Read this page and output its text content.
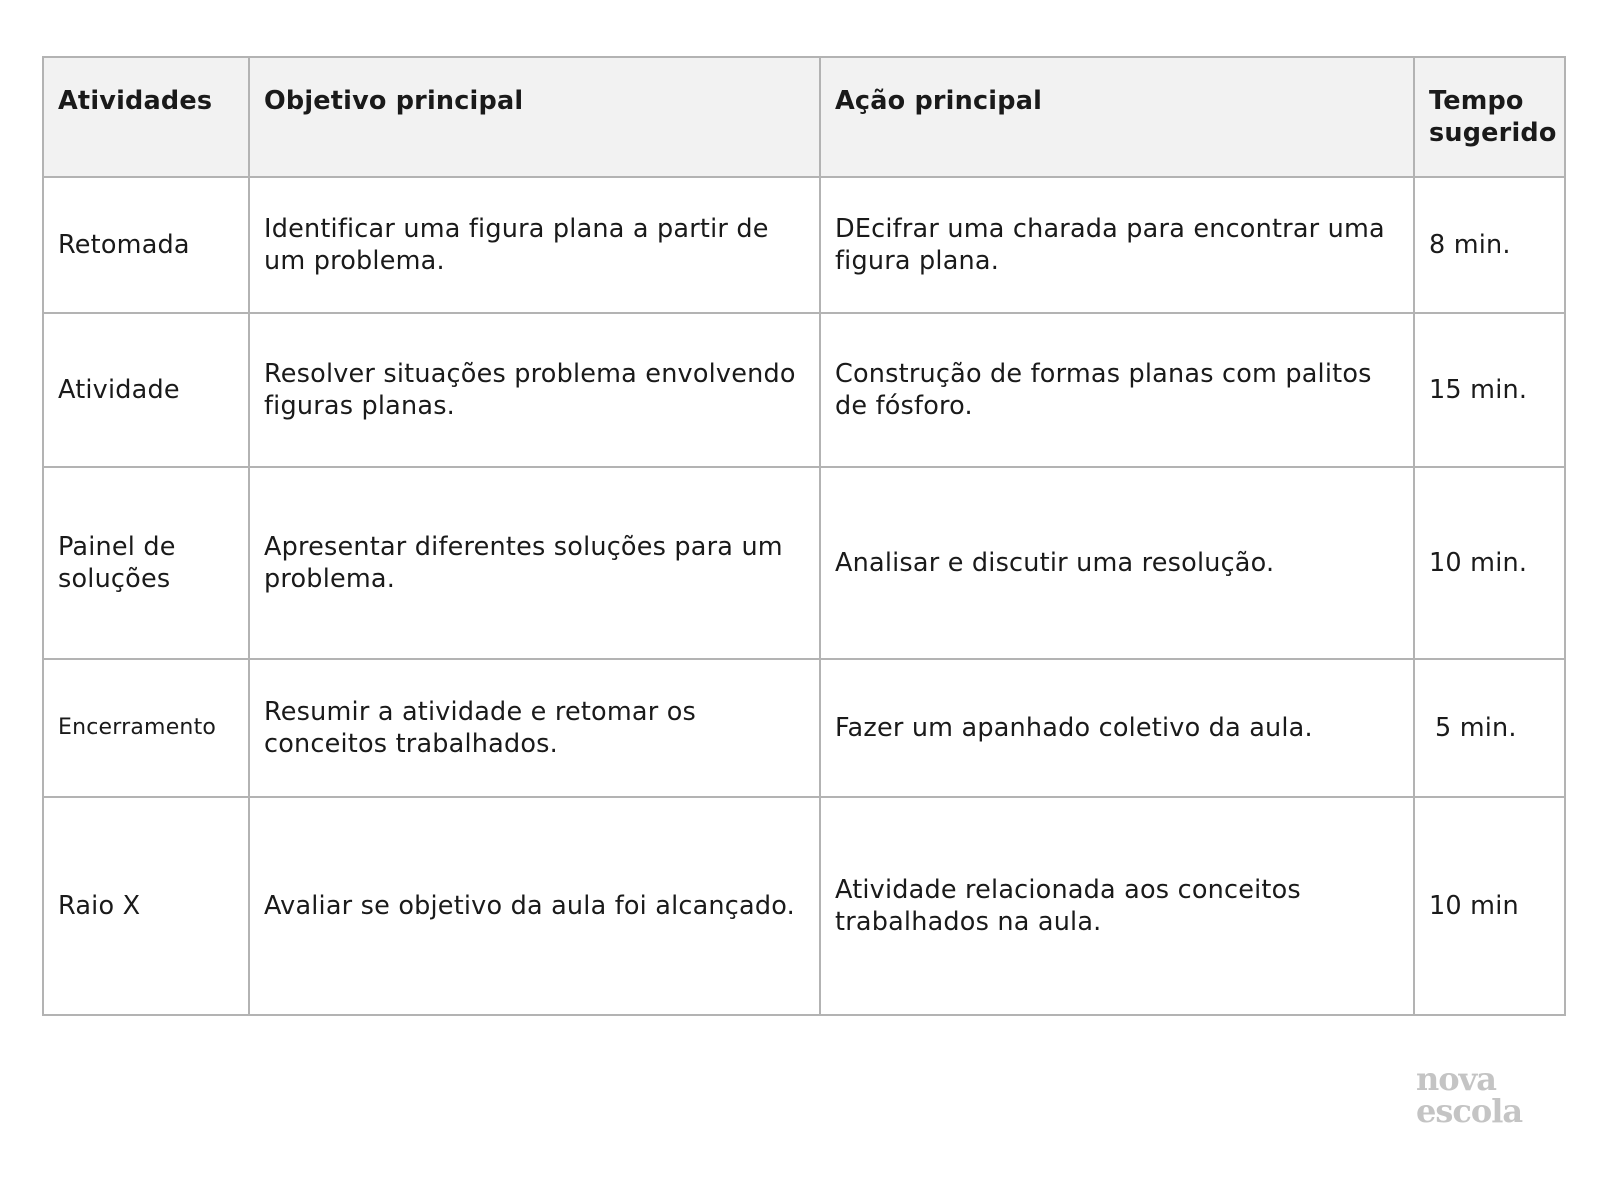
Atividades	Objetivo principal	Ação principal	Tempo sugerido
Retomada	Identificar uma figura plana a partir de um problema.	DEcifrar uma charada para encontrar uma figura plana.	8 min.
Atividade	Resolver situações problema envolvendo figuras planas.	Construção de formas planas com palitos de fósforo.	15 min.
Painel de soluções	Apresentar diferentes soluções para um problema.	Analisar e discutir uma resolução.	10 min.
Encerramento	Resumir a atividade e retomar os conceitos trabalhados.	Fazer um apanhado coletivo da aula.	5 min.
Raio X	Avaliar se objetivo da aula foi alcançado.	Atividade relacionada aos conceitos trabalhados na aula.	10 min
nova
escola
